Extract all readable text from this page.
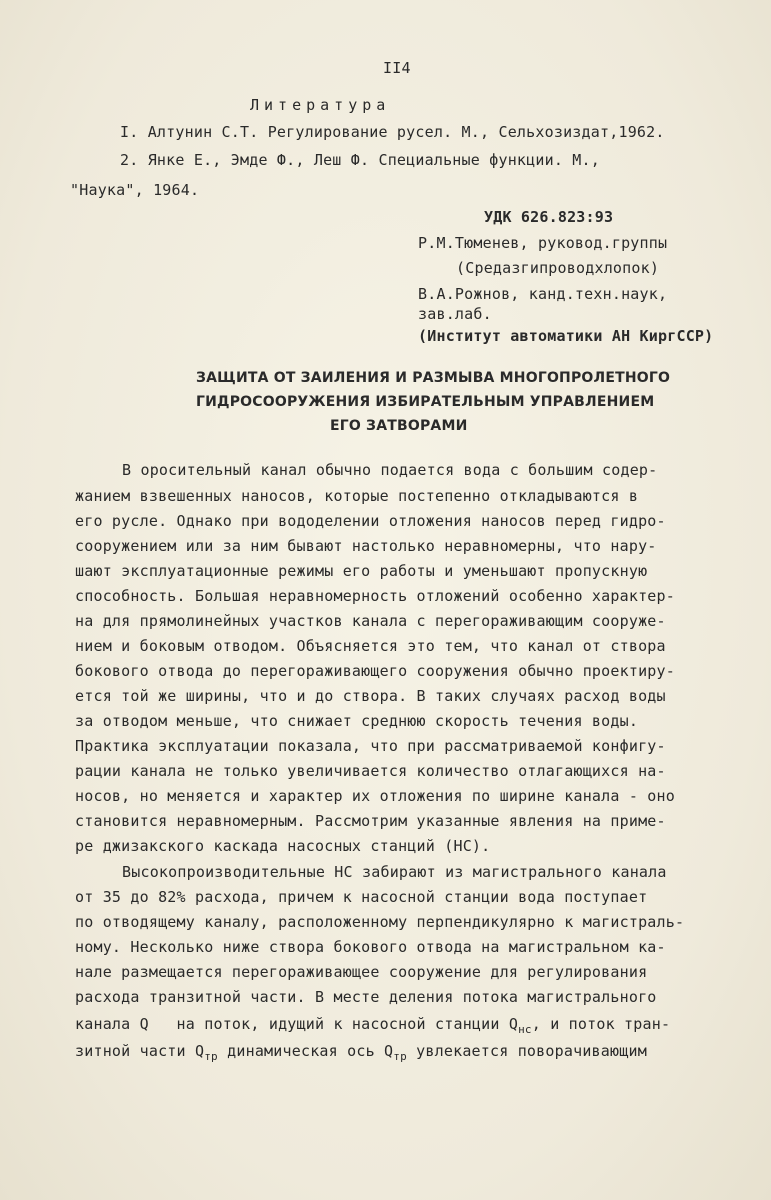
II4
Литература
I. Алтунин С.Т. Регулирование русел. М., Сельхозиздат,1962.
2. Янке Е., Эмде Ф., Леш Ф. Специальные функции. М.,
"Наука", 1964.
УДК 626.823:93
Р.М.Тюменев, руковод.группы
(Средазгипроводхлопок)
В.А.Рожнов, канд.техн.наук,
зав.лаб.
(Институт автоматики АН КиргССР)
ЗАЩИТА ОТ ЗАИЛЕНИЯ И РАЗМЫВА МНОГОПРОЛЕТНОГО
ГИДРОСООРУЖЕНИЯ ИЗБИРАТЕЛЬНЫМ УПРАВЛЕНИЕМ
ЕГО ЗАТВОРАМИ
В оросительный канал обычно подается вода с большим содер-
жанием взвешенных наносов, которые постепенно откладываются в
его русле. Однако при вододелении отложения наносов перед гидро-
сооружением или за ним бывают настолько неравномерны, что нару-
шают эксплуатационные режимы его работы и уменьшают пропускную
способность. Большая неравномерность отложений особенно характер-
на для прямолинейных участков канала с перегораживающим сооруже-
нием и боковым отводом. Объясняется это тем, что канал от створа
бокового отвода до перегораживающего сооружения обычно проектиру-
ется той же ширины, что и до створа. В таких случаях расход воды
за отводом меньше, что снижает среднюю скорость течения воды.
Практика эксплуатации показала, что при рассматриваемой конфигу-
рации канала не только увеличивается количество отлагающихся на-
носов, но меняется и характер их отложения по ширине канала - оно
становится неравномерным. Рассмотрим указанные явления на приме-
ре джизакского каскада насосных станций (НС).
Высокопроизводительные НС забирают из магистрального канала
от 35 до 82% расхода, причем к насосной станции вода поступает
по отводящему каналу, расположенному перпендикулярно к магистраль-
ному. Несколько ниже створа бокового отвода на магистральном ка-
нале размещается перегораживающее сооружение для регулирования
расхода транзитной части. В месте деления потока магистрального
канала Q   на поток, идущий к насосной станции $Q_{нс}$, и поток тран-
зитной части $Q_{тр}$ динамическая ось $Q_{тр}$ увлекается поворачивающим
